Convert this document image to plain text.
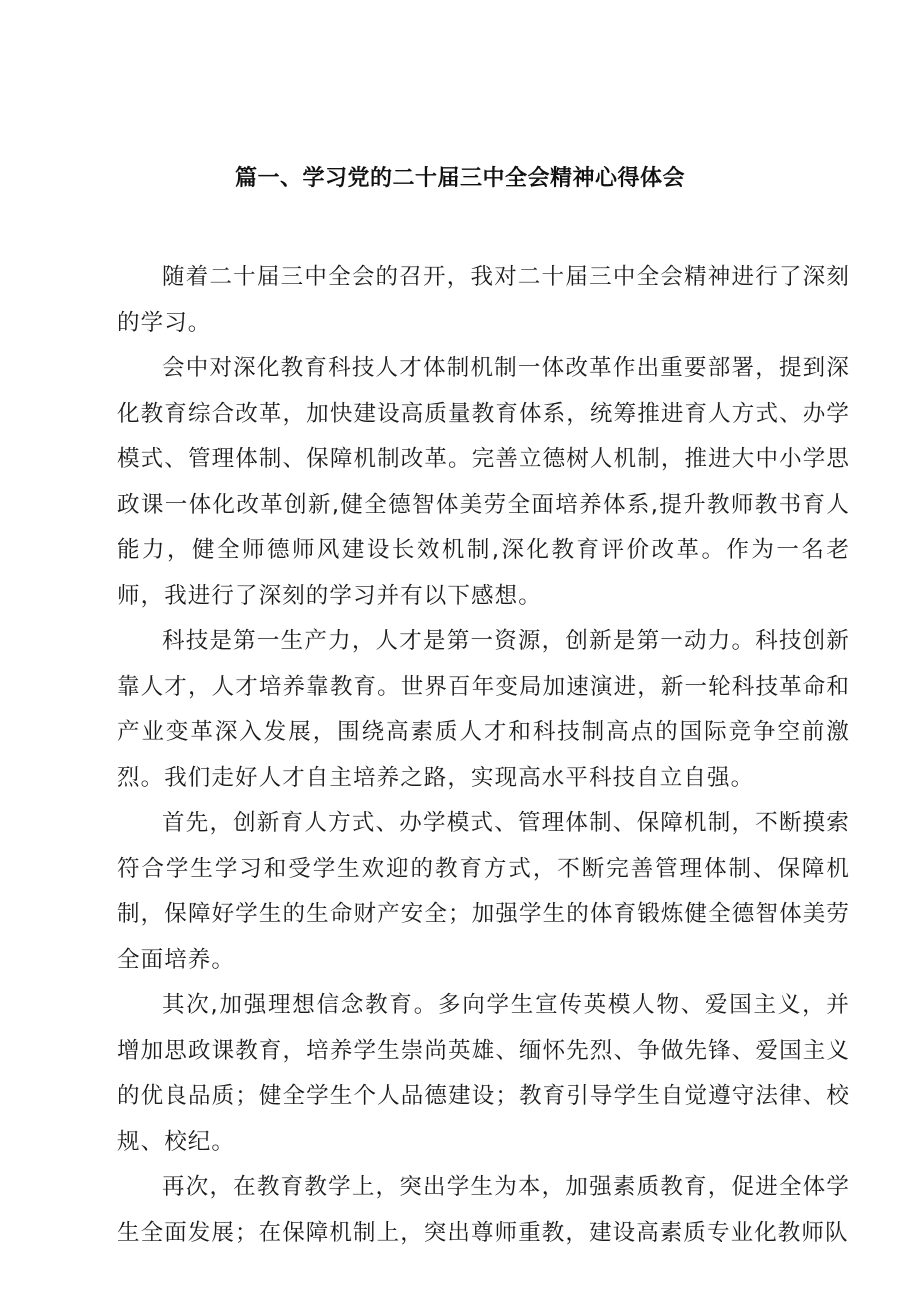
篇一、学习党的二十届三中全会精神心得体会

随着二十届三中全会的召开，我对二十届三中全会精神进行了深刻的学习。

会中对深化教育科技人才体制机制一体改革作出重要部署，提到深化教育综合改革，加快建设高质量教育体系，统筹推进育人方式、办学模式、管理体制、保障机制改革。完善立德树人机制，推进大中小学思政课一体化改革创新,健全德智体美劳全面培养体系,提升教师教书育人能力，健全师德师风建设长效机制,深化教育评价改革。作为一名老师，我进行了深刻的学习并有以下感想。

科技是第一生产力，人才是第一资源，创新是第一动力。科技创新靠人才，人才培养靠教育。世界百年变局加速演进，新一轮科技革命和产业变革深入发展，围绕高素质人才和科技制高点的国际竞争空前激烈。我们走好人才自主培养之路，实现高水平科技自立自强。

首先，创新育人方式、办学模式、管理体制、保障机制，不断摸索符合学生学习和受学生欢迎的教育方式，不断完善管理体制、保障机制，保障好学生的生命财产安全；加强学生的体育锻炼健全德智体美劳全面培养。

其次,加强理想信念教育。多向学生宣传英模人物、爱国主义，并增加思政课教育，培养学生崇尚英雄、缅怀先烈、争做先锋、爱国主义的优良品质；健全学生个人品德建设；教育引导学生自觉遵守法律、校规、校纪。

再次，在教育教学上，突出学生为本，加强素质教育，促进全体学生全面发展；在保障机制上，突出尊师重教，建设高素质专业化教师队
